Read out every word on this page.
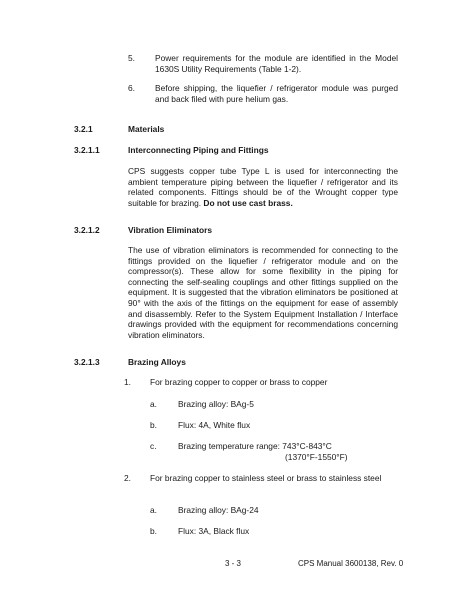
5. Power requirements for the module are identified in the Model 1630S Utility Requirements (Table 1-2).
6. Before shipping, the liquefier / refrigerator module was purged and back filed with pure helium gas.
3.2.1	Materials
3.2.1.1	Interconnecting Piping and Fittings
CPS suggests copper tube Type L is used for interconnecting the ambient temperature piping between the liquefier / refrigerator and its related components. Fittings should be of the Wrought copper type suitable for brazing. Do not use cast brass.
3.2.1.2	Vibration Eliminators
The use of vibration eliminators is recommended for connecting to the fittings provided on the liquefier / refrigerator module and on the compressor(s). These allow for some flexibility in the piping for connecting the self-sealing couplings and other fittings supplied on the equipment. It is suggested that the vibration eliminators be positioned at 90° with the axis of the fittings on the equipment for ease of assembly and disassembly. Refer to the System Equipment Installation / Interface drawings provided with the equipment for recommendations concerning vibration eliminators.
3.2.1.3	Brazing Alloys
1. For brazing copper to copper or brass to copper
a.	Brazing alloy: BAg-5
b.	Flux: 4A, White flux
c.	Brazing temperature range: 743°C-843°C
(1370°F-1550°F)
2. For brazing copper to stainless steel or brass to stainless steel
a.	Brazing alloy: BAg-24
b.	Flux: 3A, Black flux
3 - 3	CPS Manual 3600138, Rev. 0
